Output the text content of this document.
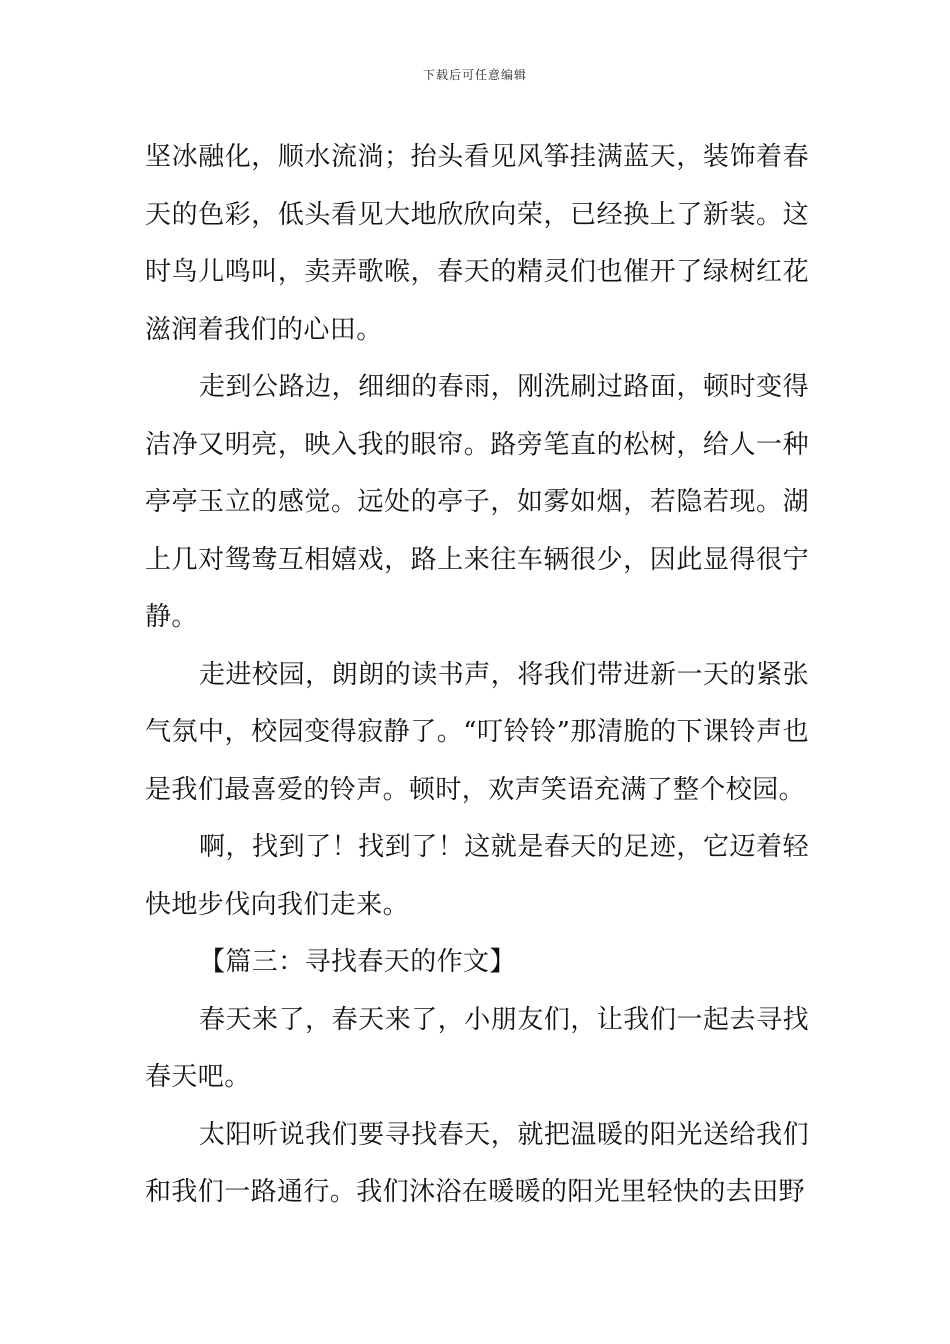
下载后可任意编辑

坚冰融化，顺水流淌；抬头看见风筝挂满蓝天，装饰着春天的色彩，低头看见大地欣欣向荣，已经换上了新装。这时鸟儿鸣叫，卖弄歌喉，春天的精灵们也催开了绿树红花滋润着我们的心田。

走到公路边，细细的春雨，刚洗刷过路面，顿时变得洁净又明亮，映入我的眼帘。路旁笔直的松树，给人一种亭亭玉立的感觉。远处的亭子，如雾如烟，若隐若现。湖上几对鸳鸯互相嬉戏，路上来往车辆很少，因此显得很宁静。

走进校园，朗朗的读书声，将我们带进新一天的紧张气氛中，校园变得寂静了。“叮铃铃”那清脆的下课铃声也是我们最喜爱的铃声。顿时，欢声笑语充满了整个校园。

啊，找到了！找到了！这就是春天的足迹，它迈着轻快地步伐向我们走来。

【篇三：寻找春天的作文】

春天来了，春天来了，小朋友们，让我们一起去寻找春天吧。

太阳听说我们要寻找春天，就把温暖的阳光送给我们和我们一路通行。我们沐浴在暖暖的阳光里轻快的去田野
